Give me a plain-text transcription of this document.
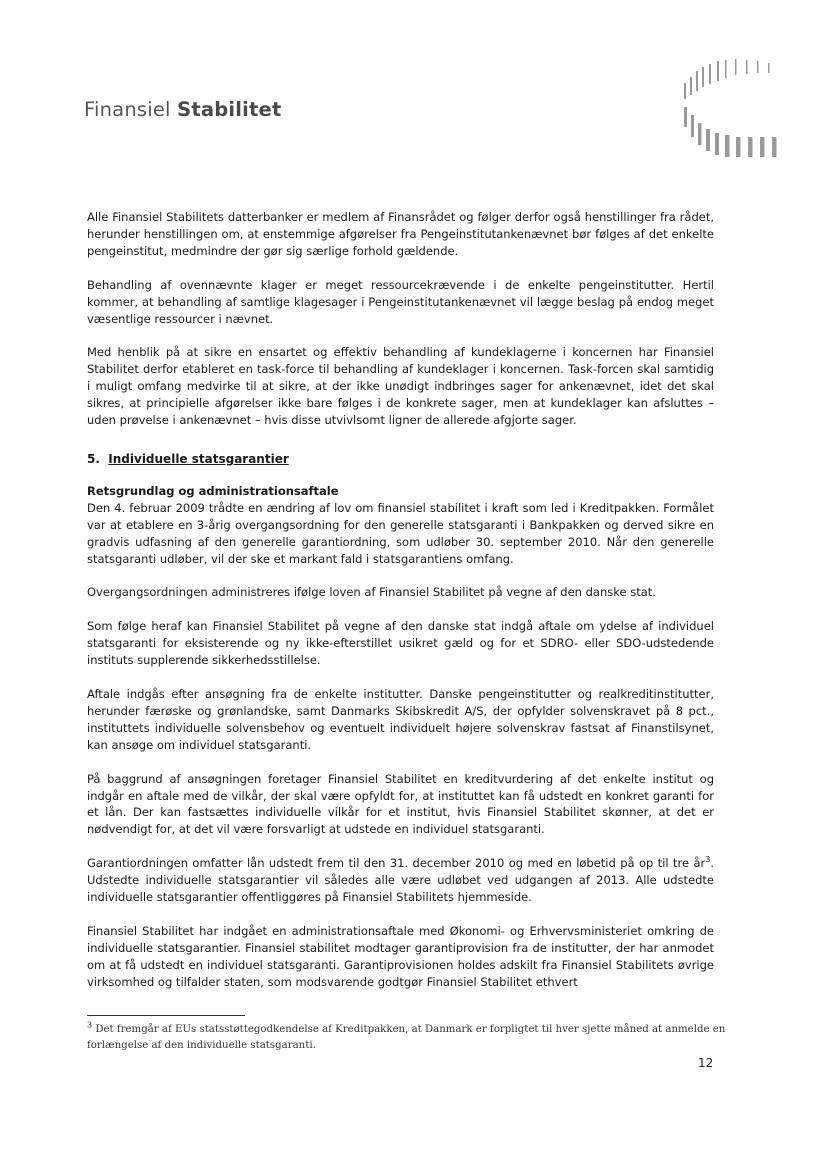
Finansiel Stabilitet

Alle Finansiel Stabilitets datterbanker er medlem af Finansrådet og følger derfor også henstillinger fra rådet, herunder henstillingen om, at enstemmige afgørelser fra Pengeinstitutankenævnet bør følges af det enkelte pengeinstitut, medmindre der gør sig særlige forhold gældende.

Behandling af ovennævnte klager er meget ressourcekrævende i de enkelte pengeinstitutter. Hertil kommer, at behandling af samtlige klagesager i Pengeinstitutankenævnet vil lægge beslag på endog meget væsentlige ressourcer i nævnet.

Med henblik på at sikre en ensartet og effektiv behandling af kundeklagerne i koncernen har Finansiel Stabilitet derfor etableret en task-force til behandling af kundeklager i koncernen. Task-forcen skal samtidig i muligt omfang medvirke til at sikre, at der ikke unødigt indbringes sager for ankenævnet, idet det skal sikres, at principielle afgørelser ikke bare følges i de konkrete sager, men at kundeklager kan afsluttes – uden prøvelse i ankenævnet – hvis disse utvivlsomt ligner de allerede afgjorte sager.

5. Individuelle statsgarantier
Retsgrundlag og administrationsaftale

Den 4. februar 2009 trådte en ændring af lov om finansiel stabilitet i kraft som led i Kreditpakken. Formålet var at etablere en 3-årig overgangsordning for den generelle statsgaranti i Bankpakken og derved sikre en gradvis udfasning af den generelle garantiordning, som udløber 30. september 2010. Når den generelle statsgaranti udløber, vil der ske et markant fald i statsgarantiens omfang.

Overgangsordningen administreres ifølge loven af Finansiel Stabilitet på vegne af den danske stat.

Som følge heraf kan Finansiel Stabilitet på vegne af den danske stat indgå aftale om ydelse af individuel statsgaranti for eksisterende og ny ikke-efterstillet usikret gæld og for et SDRO- eller SDO-udstedende instituts supplerende sikkerhedsstillelse.

Aftale indgås efter ansøgning fra de enkelte institutter. Danske pengeinstitutter og realkreditinstitutter, herunder færøske og grønlandske, samt Danmarks Skibskredit A/S, der opfylder solvenskravet på 8 pct., instituttets individuelle solvensbehov og eventuelt individuelt højere solvenskrav fastsat af Finanstilsynet, kan ansøge om individuel statsgaranti.

På baggrund af ansøgningen foretager Finansiel Stabilitet en kreditvurdering af det enkelte institut og indgår en aftale med de vilkår, der skal være opfyldt for, at instituttet kan få udstedt en konkret garanti for et lån. Der kan fastsættes individuelle vilkår for et institut, hvis Finansiel Stabilitet skønner, at det er nødvendigt for, at det vil være forsvarligt at udstede en individuel statsgaranti.

Garantiordningen omfatter lån udstedt frem til den 31. december 2010 og med en løbetid på op til tre $år^3$. Udstedte individuelle statsgarantier vil således alle være udløbet ved udgangen af 2013. Alle udstedte individuelle statsgarantier offentliggøres på Finansiel Stabilitets hjemmeside.

Finansiel Stabilitet har indgået en administrationsaftale med Økonomi- og Erhvervsministeriet omkring de individuelle statsgarantier. Finansiel stabilitet modtager garantiprovision fra de institutter, der har anmodet om at få udstedt en individuel statsgaranti. Garantiprovisionen holdes adskilt fra Finansiel Stabilitets øvrige virksomhed og tilfalder staten, som modsvarende godtgør Finansiel Stabilitet ethvert

$^3$ Det fremgår af EUs statsstøttegodkendelse af Kreditpakken, at Danmark er forpligtet til hver sjette måned at anmelde en forlængelse af den individuelle statsgaranti.
12
